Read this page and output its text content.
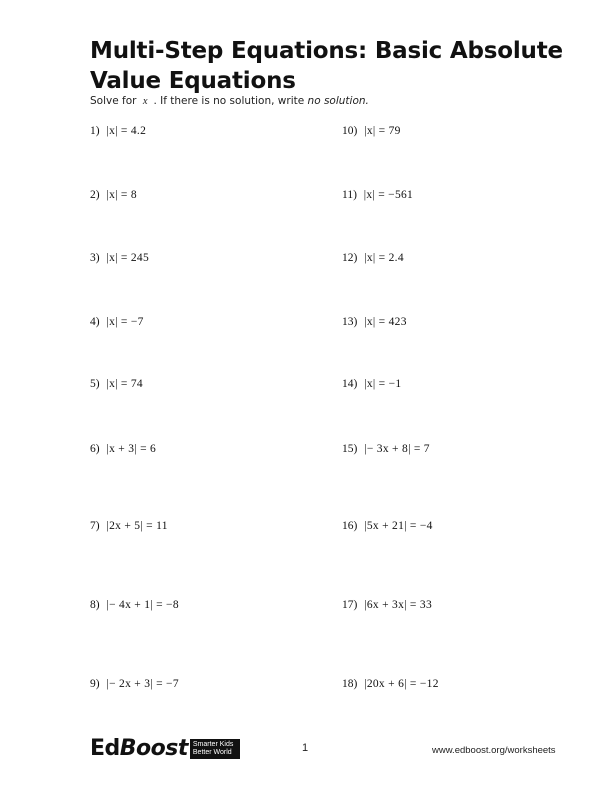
Multi-Step Equations: Basic Absolute
Value Equations
Solve for x . If there is no solution, write no solution.
1) |x| = 4.2
2) |x| = 8
3) |x| = 245
4) |x| = −7
5) |x| = 74
6) |x + 3| = 6
7) |2x + 5| = 11
8) |− 4x + 1| = −8
9) |− 2x + 3| = −7
10) |x| = 79
11) |x| = −561
12) |x| = 2.4
13) |x| = 423
14) |x| = −1
15) |− 3x + 8| = 7
16) |5x + 21| = −4
17) |6x + 3x| = 33
18) |20x + 6| = −12
Ed Boost Smarter Kids
Better World	1	www.edboost.org/worksheets
